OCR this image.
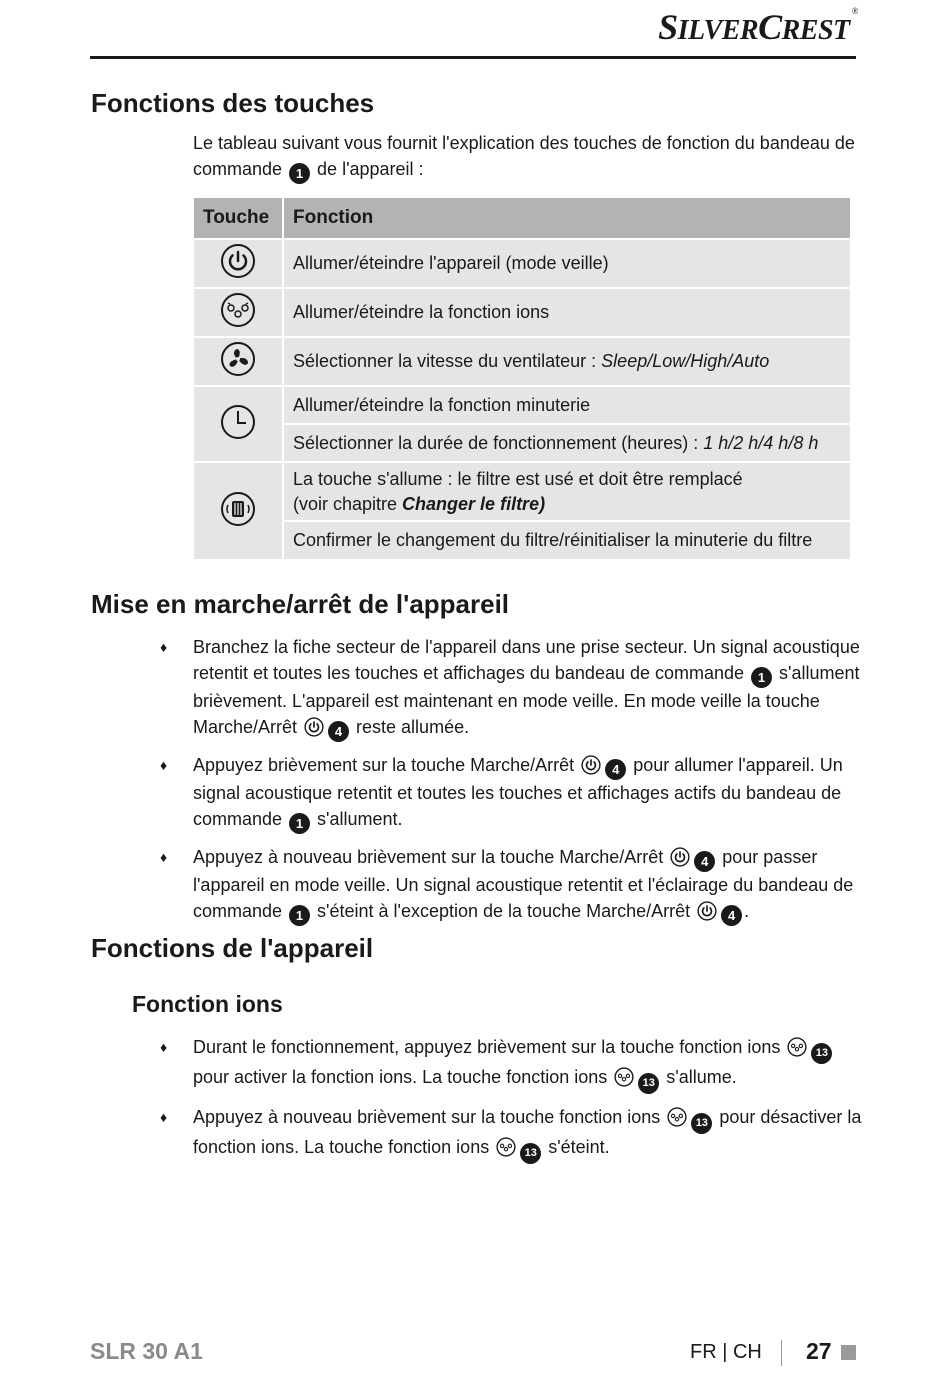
SILVERCREST®
Fonctions des touches
Le tableau suivant vous fournit l'explication des touches de fonction du bandeau de commande 1 de l'appareil :
Touche	Fonction
	Allumer/éteindre l'appareil (mode veille)
	Allumer/éteindre la fonction ions
	Sélectionner la vitesse du ventilateur : Sleep/Low/High/Auto
	Allumer/éteindre la fonction minuterie
	Sélectionner la durée de fonctionnement (heures) : 1 h/2 h/4 h/8 h
	La touche s'allume : le filtre est usé et doit être remplacé
(voir chapitre Changer le filtre)
	Confirmer le changement du filtre/réinitialiser la minuterie du filtre
Mise en marche/arrêt de l'appareil
♦ Branchez la fiche secteur de l'appareil dans une prise secteur. Un signal acoustique retentit et toutes les touches et affichages du bandeau de commande 1 s'allument brièvement. L'appareil est maintenant en mode veille. En mode veille la touche Marche/Arrêt	4 reste allumée.
♦ Appuyez brièvement sur la touche Marche/Arrêt	4 pour allumer l'appareil. Un signal acoustique retentit et toutes les touches et affichages actifs du bandeau de commande 1 s'allument.
♦ Appuyez à nouveau brièvement sur la touche Marche/Arrêt	4 pour passer l'appareil en mode veille. Un signal acoustique retentit et l'éclairage du bandeau de commande 1 s'éteint à l'exception de la touche Marche/Arrêt	4 .
Fonctions de l'appareil
Fonction ions
♦ Durant le fonctionnement, appuyez brièvement sur la touche fonction ions	13 pour activer la fonction ions. La touche fonction ions	13 s'allume.
♦ Appuyez à nouveau brièvement sur la touche fonction ions	13 pour désactiver la fonction ions. La touche fonction ions	13 s'éteint.
SLR 30 A1	FR | CH 27
